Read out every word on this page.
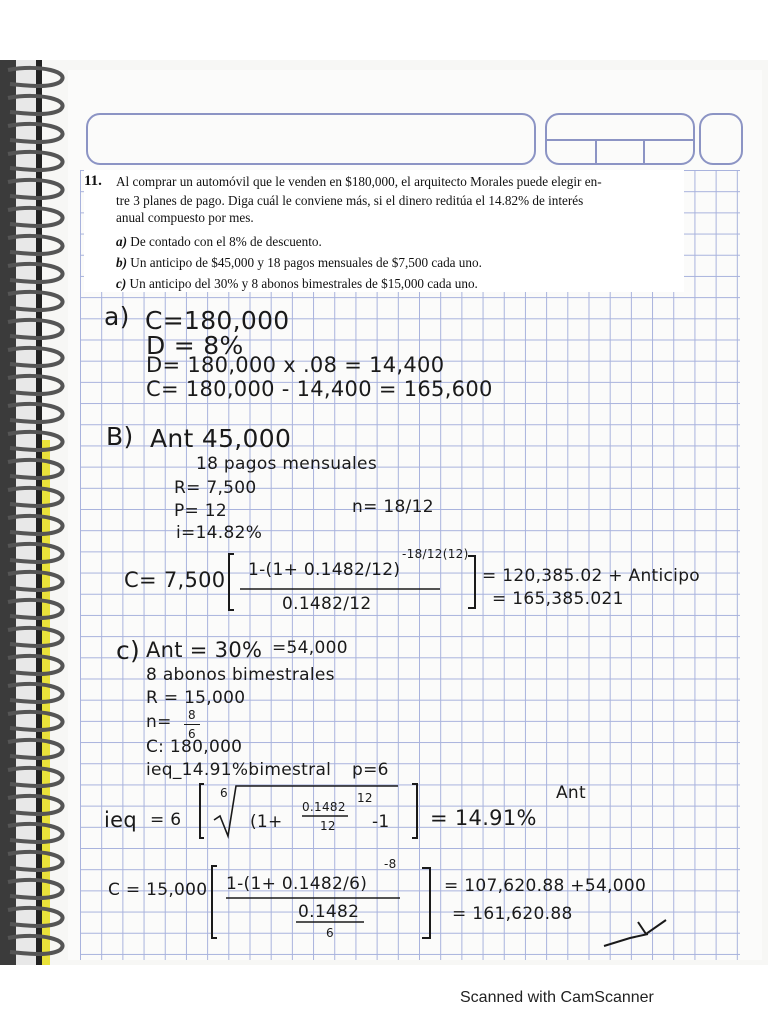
11. Al comprar un automóvil que le venden en $180,000, el arquitecto Morales puede elegir en-
tre 3 planes de pago. Diga cuál le conviene más, si el dinero reditúa el 14.82% de interés
anual compuesto por mes.
a) De contado con el 8% de descuento.
b) Un anticipo de $45,000 y 18 pagos mensuales de $7,500 cada uno.
c) Un anticipo del 30% y 8 abonos bimestrales de $15,000 cada uno.
a) C=180,000
D = 8%
D= 180,000 x .08 = 14,400
C= 180,000 - 14,400 = 165,600
B) Ant 45,000
18 pagos mensuales
R= 7,500
P= 12	n= 18/12
i=14.82%
C= 7,500 1-(1+ 0.1482/12)
-18/12(12)
0.1482/12
= 120,385.02 + Anticipo
= 165,385.021
c) Ant = 30% =54,000
8 abonos bimestrales
R = 15,000
n= 8
6
C: 180,000
ieq_14.91%bimestral p=6
Ant
ieq = 6
6
(1+
0.1482
12
12
-1 = 14.91%
C = 15,000 1-(1+ 0.1482/6)
-8
0.1482
6
= 107,620.88 +54,000
= 161,620.88
Scanned with CamScanner
